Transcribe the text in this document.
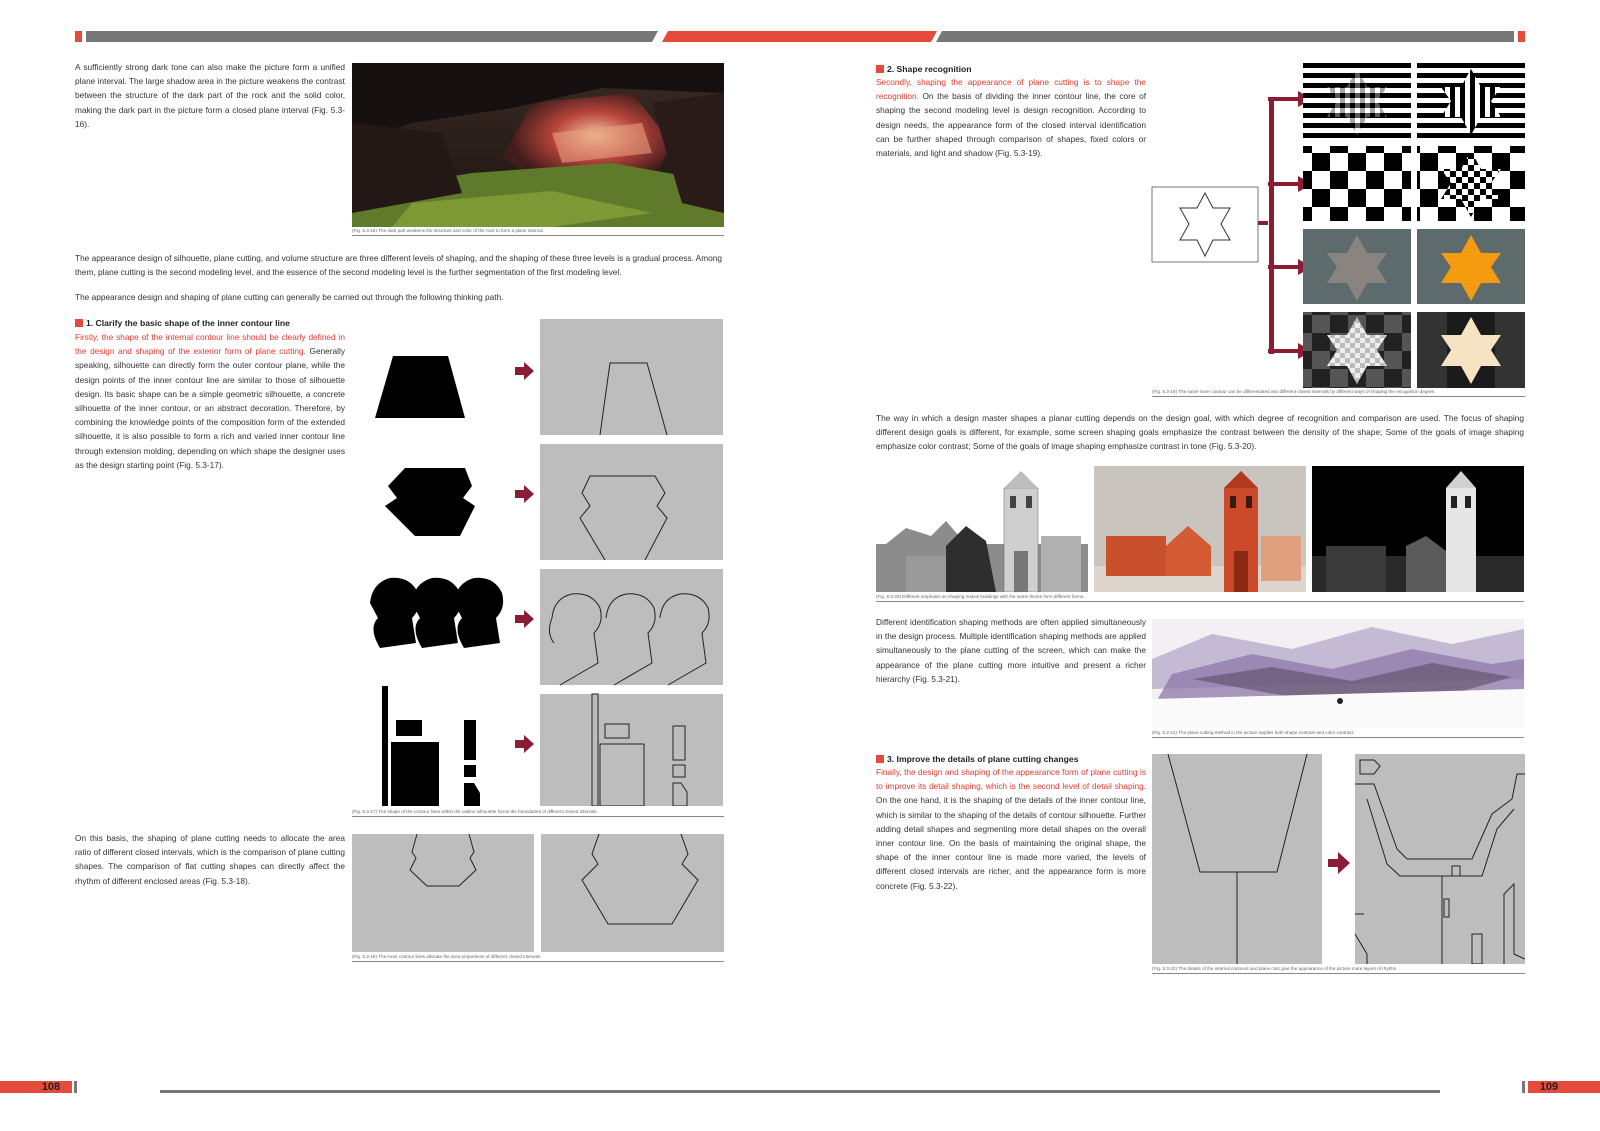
A sufficiently strong dark tone can also make the picture form a unified plane interval. The large shadow area in the picture weakens the contrast between the structure of the dark part of the rock and the solid color, making the dark part in the picture form a closed plane interval (Fig. 5.3-16).

(Fig. 5.3-16) The dark part weakens the structure and color of the rock to form a plane interval.

The appearance design of silhouette, plane cutting, and volume structure are three different levels of shaping, and the shaping of these three levels is a gradual process. Among them, plane cutting is the second modeling level, and the essence of the second modeling level is the further segmentation of the first modeling level.

The appearance design and shaping of plane cutting can generally be carried out through the following thinking path.

1. Clarify the basic shape of the inner contour line

Firstly, the shape of the internal contour line should be clearly defined in the design and shaping of the exterior form of plane cutting. Generally speaking, silhouette can directly form the outer contour plane, while the design points of the inner contour line are similar to those of silhouette design. Its basic shape can be a simple geometric silhouette, a concrete silhouette of the inner contour, or an abstract decoration. Therefore, by combining the knowledge points of the composition form of the extended silhouette, it is also possible to form a rich and varied inner contour line through extension molding, depending on which shape the designer uses as the design starting point (Fig. 5.3-17).

(Fig. 5.3-17) The shape of the contour lines within the outline silhouette forms the boundaries of different closed intervals.

On this basis, the shaping of plane cutting needs to allocate the area ratio of different closed intervals, which is the comparison of plane cutting shapes. The comparison of flat cutting shapes can directly affect the rhythm of different enclosed areas (Fig. 5.3-18).

(Fig. 5.3-18) The inner contour lines allocate the area proportions of different closed intervals.
2. Shape recognition

Secondly, shaping the appearance of plane cutting is to shape the recognition. On the basis of dividing the inner contour line, the core of shaping the second modeling level is design recognition. According to design needs, the appearance form of the closed interval identification can be further shaped through comparison of shapes, fixed colors or materials, and light and shadow (Fig. 5.3-19).

(Fig. 5.3-19) The same inner contour can be differentiated into different closed intervals by different ways of shaping the recognition degree.

The way in which a design master shapes a planar cutting depends on the design goal, with which degree of recognition and comparison are used. The focus of shaping different design goals is different, for example, some screen shaping goals emphasize the contrast between the density of the shape; Some of the goals of image shaping emphasize color contrast; Some of the goals of image shaping emphasize contrast in tone (Fig. 5.3-20).

(Fig. 5.3-20) Different emphasis on shaping makes buildings with the same theme form different forms.

Different identification shaping methods are often applied simultaneously in the design process. Multiple identification shaping methods are applied simultaneously to the plane cutting of the screen, which can make the appearance of the plane cutting more intuitive and present a richer hierarchy (Fig. 5.3-21).

(Fig. 5.3-21) The plane cutting method in the picture applies both shape contrast and color contrast.
3. Improve the details of plane cutting changes

Finally, the design and shaping of the appearance form of plane cutting is to improve its detail shaping, which is the second level of detail shaping. On the one hand, it is the shaping of the details of the inner contour line, which is similar to the shaping of the details of contour silhouette. Further adding detail shapes and segmenting more detail shapes on the overall inner contour line. On the basis of maintaining the original shape, the shape of the inner contour line is made more varied, the levels of different closed intervals are richer, and the appearance form is more concrete (Fig. 5.3-22).

(Fig. 5.3-22) The details of the internal contours and plane cuts give the appearance of the picture more layers of rhythm.
108	109
